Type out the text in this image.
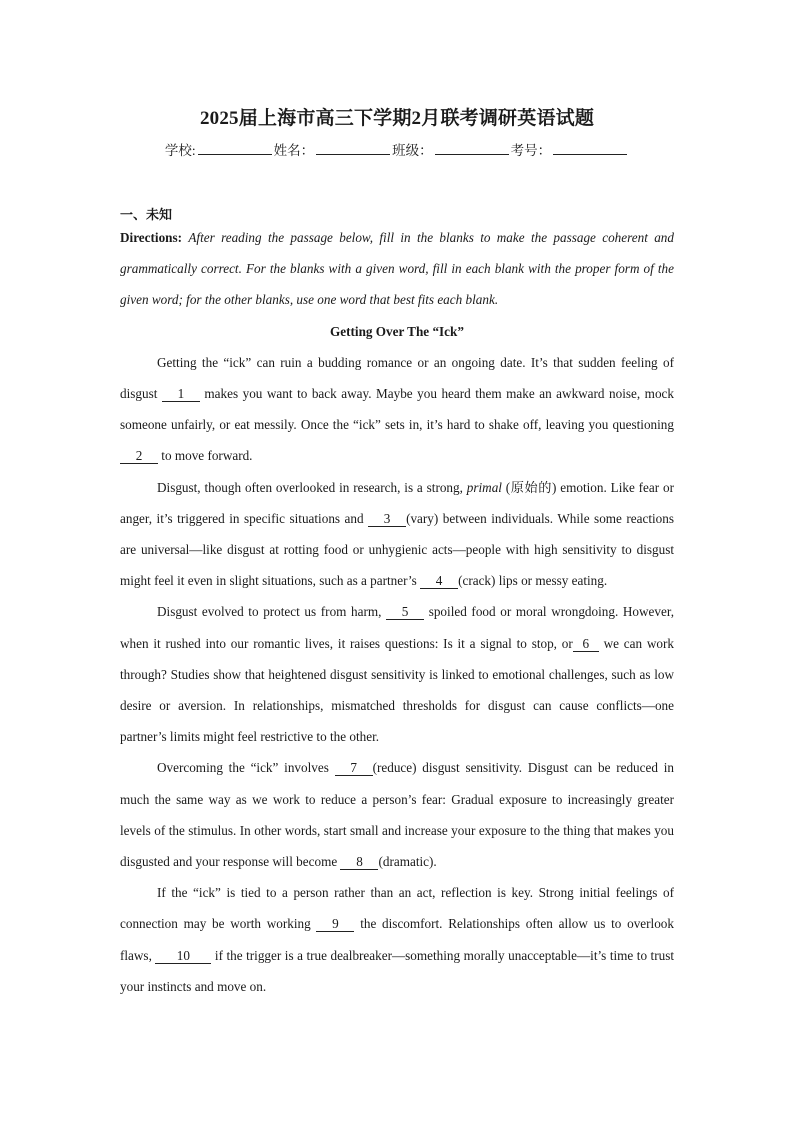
2025届上海市高三下学期2月联考调研英语试题
学校:	姓名：	班级：	考号：
一、未知

Directions: After reading the passage below, fill in the blanks to make the passage coherent and grammatically correct. For the blanks with a given word, fill in each blank with the proper form of the given word; for the other blanks, use one word that best fits each blank.

Getting Over The “Ick”

Getting the “ick” can ruin a budding romance or an ongoing date. It’s that sudden feeling of disgust 1 makes you want to back away. Maybe you heard them make an awkward noise, mock someone unfairly, or eat messily. Once the “ick” sets in, it’s hard to shake off, leaving you questioning 2 to move forward.

Disgust, though often overlooked in research, is a strong, primal (原始的) emotion. Like fear or anger, it’s triggered in specific situations and 3 (vary) between individuals. While some reactions are universal—like disgust at rotting food or unhygienic acts—people with high sensitivity to disgust might feel it even in slight situations, such as a partner’s 4 (crack) lips or messy eating.

Disgust evolved to protect us from harm, 5 spoiled food or moral wrongdoing. However, when it rushed into our romantic lives, it raises questions: Is it a signal to stop, or 6 we can work through? Studies show that heightened disgust sensitivity is linked to emotional challenges, such as low desire or aversion. In relationships, mismatched thresholds for disgust can cause conflicts—one partner’s limits might feel restrictive to the other.

Overcoming the “ick” involves 7 (reduce) disgust sensitivity. Disgust can be reduced in much the same way as we work to reduce a person’s fear: Gradual exposure to increasingly greater levels of the stimulus. In other words, start small and increase your exposure to the thing that makes you disgusted and your response will become 8 (dramatic).

If the “ick” is tied to a person rather than an act, reflection is key. Strong initial feelings of connection may be worth working 9 the discomfort. Relationships often allow us to overlook flaws, 10 if the trigger is a true dealbreaker—something morally unacceptable—it’s time to trust your instincts and move on.
